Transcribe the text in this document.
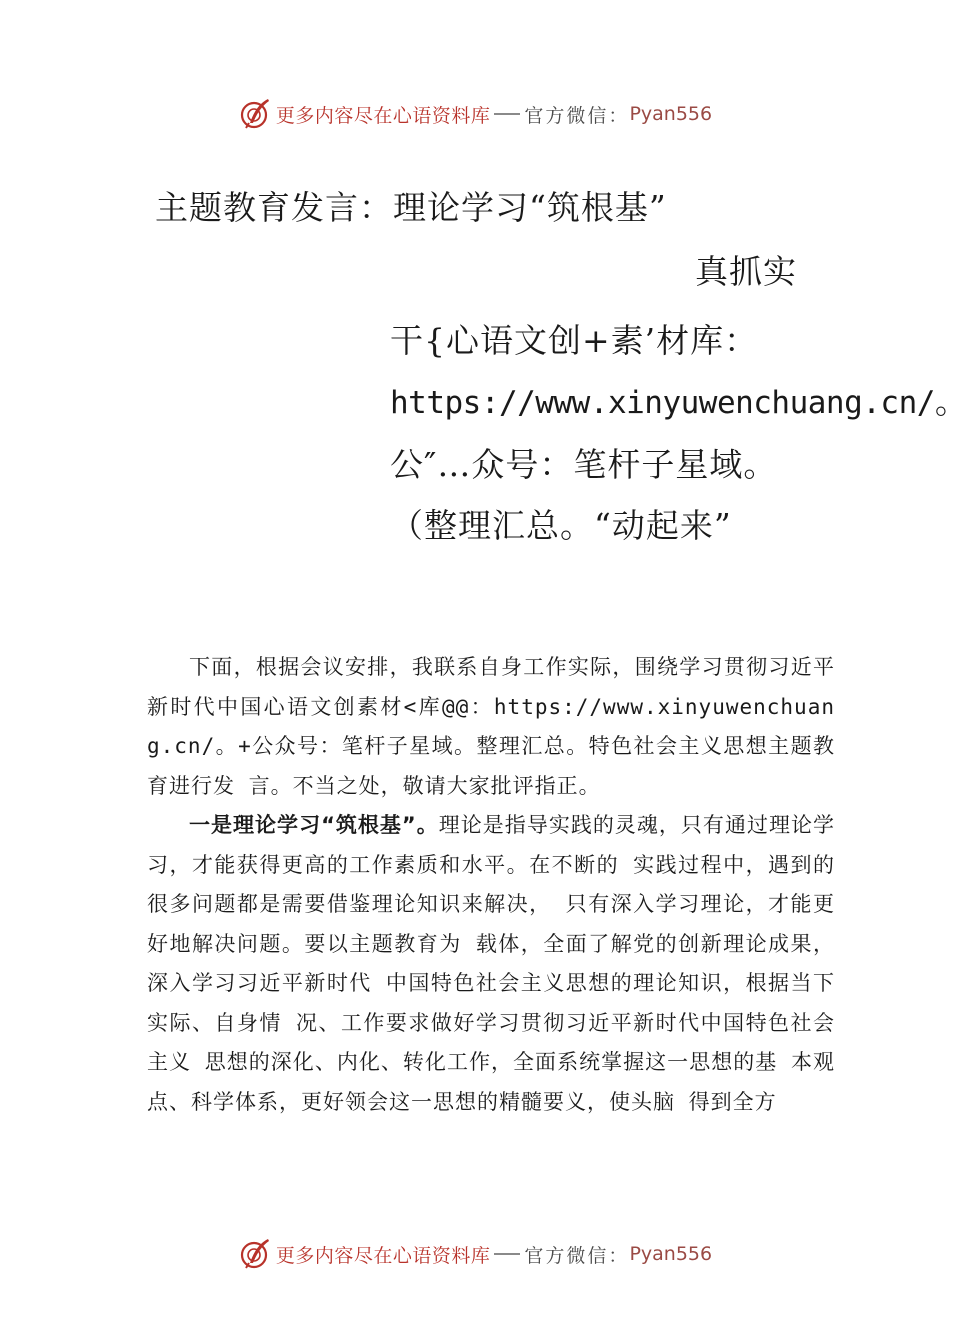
更多内容尽在心语资料库 官方微信： Pyan556
主题教育发言：理论学习“筑根基”
真抓实
干{心语文创+素’材库：https://www.xinyuwenchuang.cn/。公″…众号：笔杆子星域。（整理汇总。“动起来”

下面，根据会议安排，我联系自身工作实际，围绕学习贯彻习近平新时代中国心语文创素材<库@@：https://www.xinyuwenchuang.cn/。+公众号：笔杆子星域。整理汇总。特色社会主义思想主题教育进行发 言。不当之处，敬请大家批评指正。

一是理论学习“筑根基”。理论是指导实践的灵魂，只有通过理论学习，才能获得更高的工作素质和水平。在不断的 实践过程中，遇到的很多问题都是需要借鉴理论知识来解决， 只有深入学习理论，才能更好地解决问题。要以主题教育为 载体，全面了解党的创新理论成果，深入学习习近平新时代 中国特色社会主义思想的理论知识，根据当下实际、自身情 况、工作要求做好学习贯彻习近平新时代中国特色社会主义 思想的深化、内化、转化工作，全面系统掌握这一思想的基 本观点、科学体系，更好领会这一思想的精髓要义，使头脑 得到全方

更多内容尽在心语资料库 官方微信： Pyan556
